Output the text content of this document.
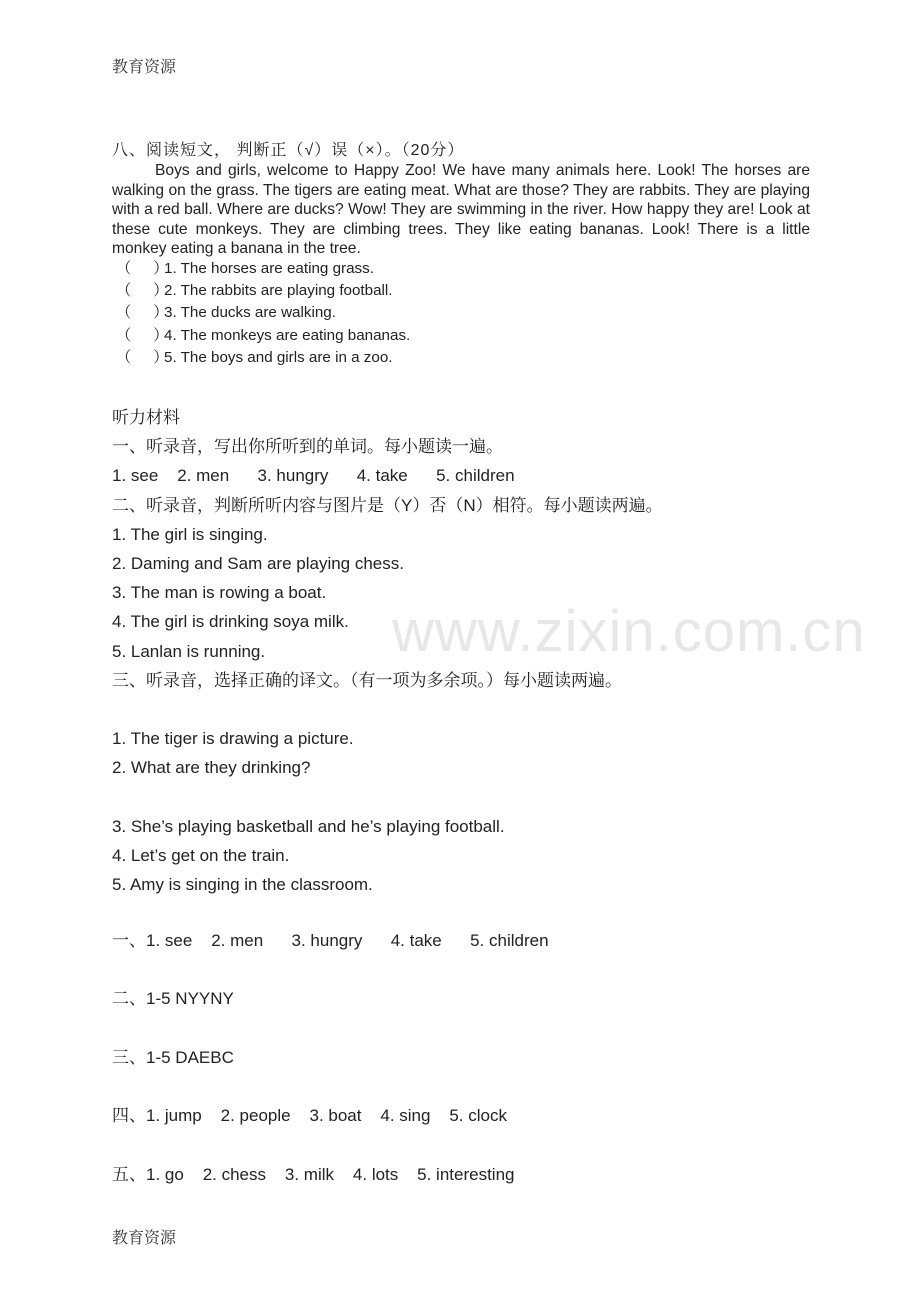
教育资源
八、阅读短文， 判断正（√）误（×）。（20分）

Boys and girls, welcome to Happy Zoo! We have many animals here. Look! The horses are walking on the grass. The tigers are eating meat. What are those? They are rabbits. They are playing with a red ball. Where are ducks? Wow! They are swimming in the river. How happy they are! Look at these cute monkeys. They are climbing trees. They like eating bananas. Look! There is a little monkey eating a banana in the tree.

（ ）1. The horses are eating grass.
（ ）2. The rabbits are playing football.
（ ）3. The ducks are walking.
（ ）4. The monkeys are eating bananas.
（ ）5. The boys and girls are in a zoo.
听力材料
一、听录音，写出你所听到的单词。每小题读一遍。
1. see    2. men      3. hungry      4. take      5. children
二、听录音，判断所听内容与图片是（Y）否（N）相符。每小题读两遍。
1. The girl is singing.
2. Daming and Sam are playing chess.
3. The man is rowing a boat.
4. The girl is drinking soya milk.
5. Lanlan is running.
三、听录音，选择正确的译文。（有一项为多余项。）每小题读两遍。
1. The tiger is drawing a picture.
2. What are they drinking?
3. She’s playing basketball and he’s playing football.
4. Let’s get on the train.
5. Amy is singing in the classroom.
一、1. see    2. men      3. hungry      4. take      5. children
二、1-5 NYYNY
三、1-5 DAEBC
四、1. jump    2. people    3. boat    4. sing    5. clock
五、1. go    2. chess    3. milk    4. lots    5. interesting
www.zixin.com.cn
教育资源
